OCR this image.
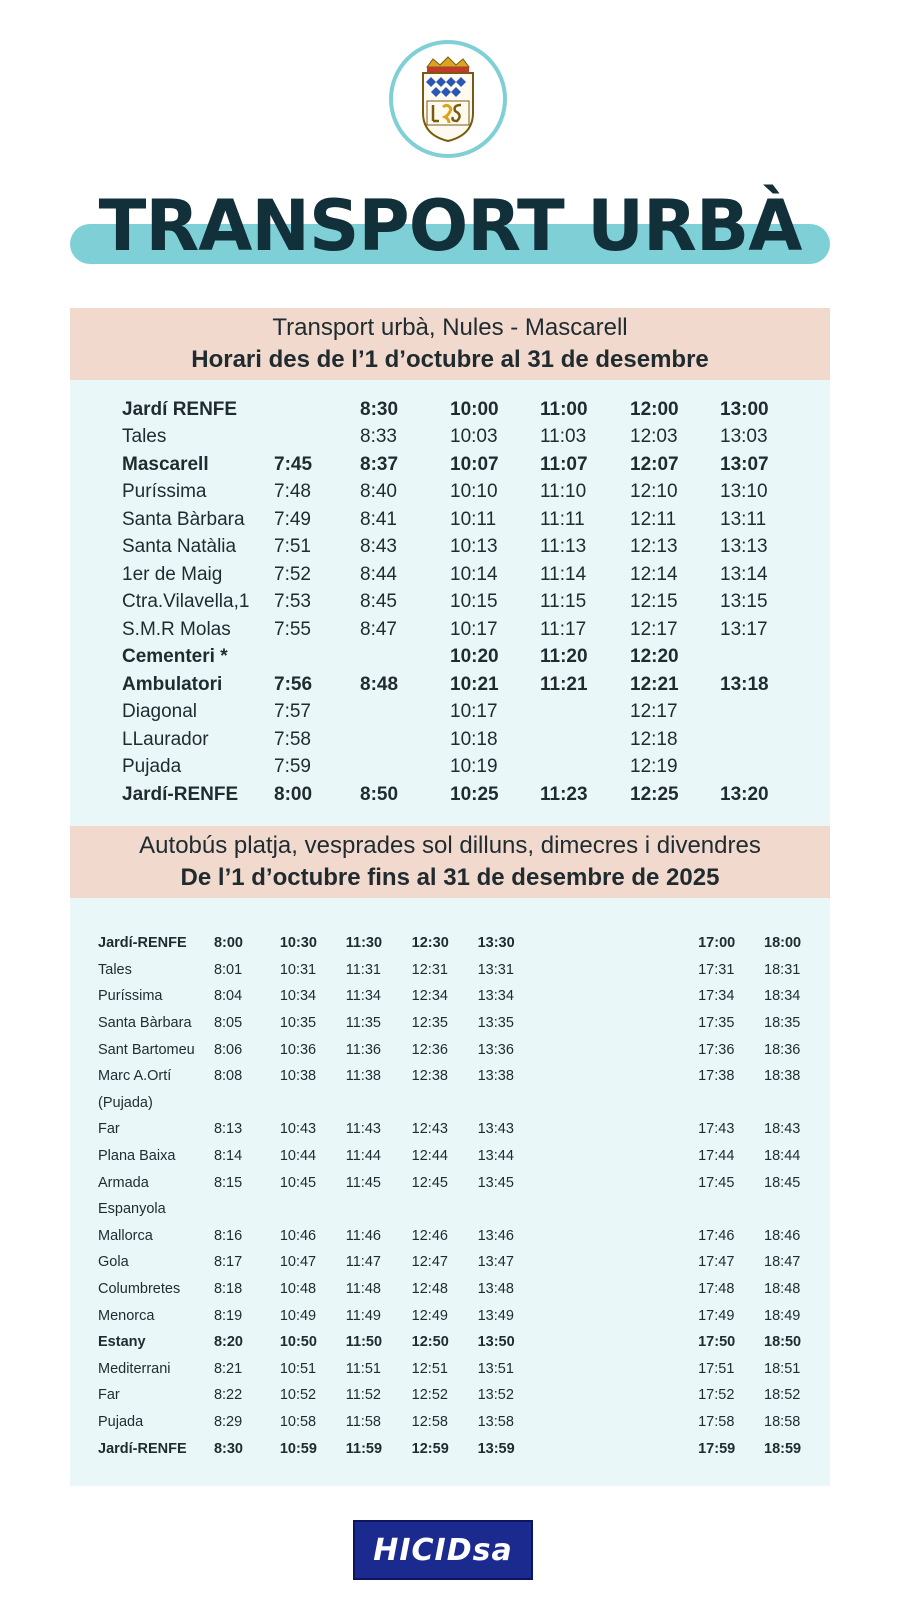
TRANSPORT URBÀ
Transport urbà, Nules - Mascarell
Horari des de l’1 d’octubre al 31 de desembre
Jardí RENFE		8:30	10:00	11:00	12:00	13:00
Tales		8:33	10:03	11:03	12:03	13:03
Mascarell	7:45	8:37	10:07	11:07	12:07	13:07
Puríssima	7:48	8:40	10:10	11:10	12:10	13:10
Santa Bàrbara	7:49	8:41	10:11	11:11	12:11	13:11
Santa Natàlia	7:51	8:43	10:13	11:13	12:13	13:13
1er de Maig	7:52	8:44	10:14	11:14	12:14	13:14
Ctra.Vilavella,1	7:53	8:45	10:15	11:15	12:15	13:15
S.M.R Molas	7:55	8:47	10:17	11:17	12:17	13:17
Cementeri *			10:20	11:20	12:20	
Ambulatori	7:56	8:48	10:21	11:21	12:21	13:18
Diagonal	7:57		10:17		12:17	
LLaurador	7:58		10:18		12:18	
Pujada	7:59		10:19		12:19	
Jardí-RENFE	8:00	8:50	10:25	11:23	12:25	13:20
Autobús platja, vesprades sol dilluns, dimecres i divendres
De l’1 d’octubre fins al 31 de desembre de 2025
Jardí-RENFE	8:00	10:30	11:30	12:30	13:30		17:00	18:00
Tales	8:01	10:31	11:31	12:31	13:31		17:31	18:31
Puríssima	8:04	10:34	11:34	12:34	13:34		17:34	18:34
Santa Bàrbara	8:05	10:35	11:35	12:35	13:35		17:35	18:35
Sant Bartomeu	8:06	10:36	11:36	12:36	13:36		17:36	18:36
Marc A.Ortí	8:08	10:38	11:38	12:38	13:38		17:38	18:38
(Pujada)								
Far	8:13	10:43	11:43	12:43	13:43		17:43	18:43
Plana Baixa	8:14	10:44	11:44	12:44	13:44		17:44	18:44
Armada	8:15	10:45	11:45	12:45	13:45		17:45	18:45
Espanyola								
Mallorca	8:16	10:46	11:46	12:46	13:46		17:46	18:46
Gola	8:17	10:47	11:47	12:47	13:47		17:47	18:47
Columbretes	8:18	10:48	11:48	12:48	13:48		17:48	18:48
Menorca	8:19	10:49	11:49	12:49	13:49		17:49	18:49
Estany	8:20	10:50	11:50	12:50	13:50		17:50	18:50
Mediterrani	8:21	10:51	11:51	12:51	13:51		17:51	18:51
Far	8:22	10:52	11:52	12:52	13:52		17:52	18:52
Pujada	8:29	10:58	11:58	12:58	13:58		17:58	18:58
Jardí-RENFE	8:30	10:59	11:59	12:59	13:59		17:59	18:59
HICIDsa
